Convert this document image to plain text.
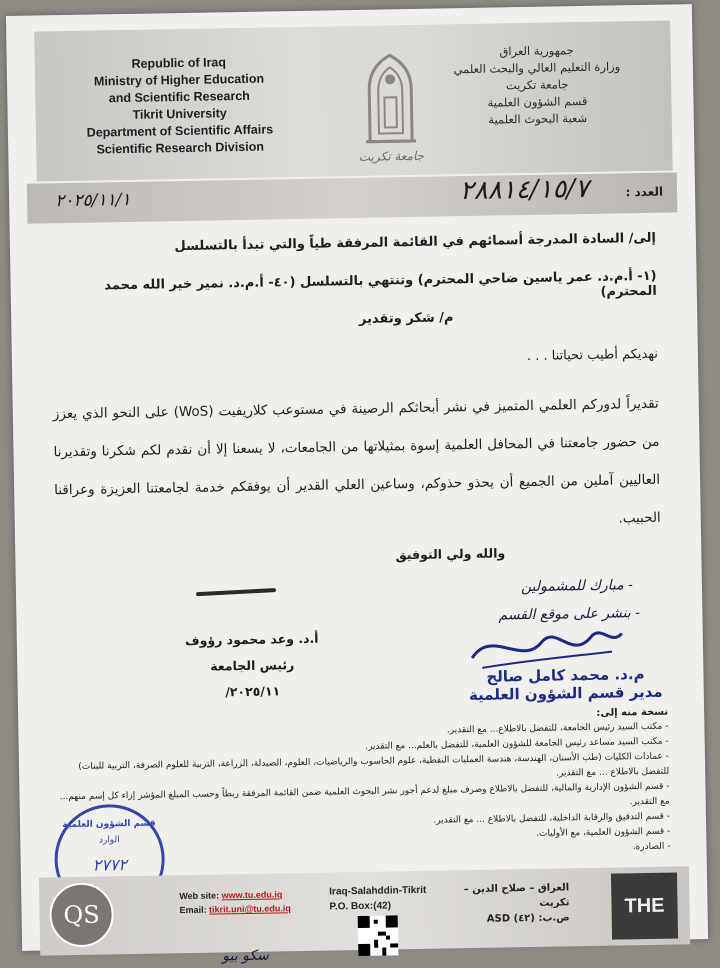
Republic of Iraq
Ministry of Higher Education
and Scientific Research
Tikrit University
Department of Scientific Affairs
Scientific Research Division	جامعة تكريت
جمهورية العراق
وزارة التعليم العالي والبحث العلمي
جامعة تكريت
قسم الشؤون العلمية
شعبة البحوث العلمية
العدد :
٢٨٨١٤/١٥/٧
٢٠٢٥/١١/١
إلى/ السادة المدرجة أسمائهم في القائمة المرفقة طياً والتي تبدأ بالتسلسل
(١- أ.م.د. عمر ياسين ضاحي المحترم) وتنتهي بالتسلسل (٤٠- أ.م.د. نمير خير الله محمد المحترم)
م/ شكر وتقدير
نهديكم أطيب تحياتنا . . .
تقديراً لدوركم العلمي المتميز في نشر أبحاثكم الرصينة في مستوعب كلاريفيت (WoS) على النحو الذي يعزز من حضور جامعتنا في المحافل العلمية إسوة بمثيلاتها من الجامعات، لا يسعنا إلا أن نقدم لكم شكرنا وتقديرنا العاليين آملين من الجميع أن يحذو حذوكم، وساعين العلي القدير أن يوفقكم خدمة لجامعتنا العزيزة وعراقنا الحبيب.
والله ولي التوفيق
- مبارك للمشمولين
- بنشر على موقع القسم
أ.د. وعد محمود رؤوف
رئيس الجامعة
٢٠٢٥/١١/
م.د. محمد كامل صالح
مدير قسم الشؤون العلمية
نسخة منه إلى:
- مكتب السيد رئيس الجامعة، للتفضل بالاطلاع... مع التقدير.
- مكتب السيد مساعد رئيس الجامعة للشؤون العلمية، للتفضل بالعلم... مع التقدير.
- عمادات الكليات (طب الأسنان، الهندسة، هندسة العمليات النفطية، علوم الحاسوب والرياضيات، العلوم، الصيدلة، الزراعة، التربية للعلوم الصرفة، التربية للبنات) للتفضل بالاطلاع ... مع التقدير.
- قسم الشؤون الإدارية والمالية، للتفضل بالاطلاع وصرف مبلغ لدعم أجور نشر البحوث العلمية ضمن القائمة المرفقة ربطاً وحسب المبلغ المؤشر إزاء كل إسم منهم... مع التقدير.
- قسم التدقيق والرقابة الداخلية، للتفضل بالاطلاع ... مع التقدير.
- قسم الشؤون العلمية، مع الأوليات.
- الصادرة.
قسم الشؤون العلمية
الوارد
٢٧٧٢
QS
Web site: www.tu.edu.iq
Email: tikrit.uni@tu.edu.iq
Iraq-Salahddin-Tikrit
P.O. Box:(42)
العراق – صلاح الدين – تكريت
ص.ب: (٤٢) ASD
THE
سكو بيو
